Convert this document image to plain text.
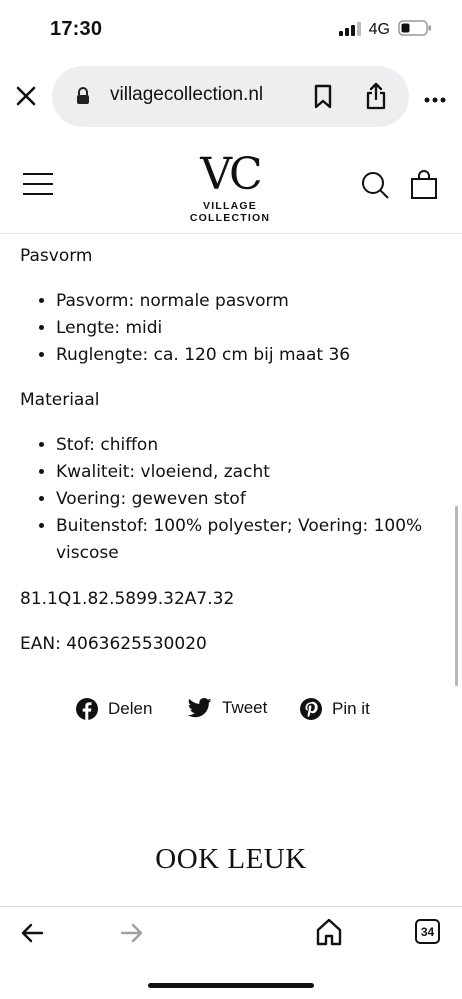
17:30	4G
villagecollection.nl
VC
VILLAGE COLLECTION
Pasvorm
• Pasvorm: normale pasvorm
• Lengte: midi
• Ruglengte: ca. 120 cm bij maat 36
Materiaal
• Stof: chiffon
• Kwaliteit: vloeiend, zacht
• Voering: geweven stof
• Buitenstof: 100% polyester; Voering: 100% viscose
81.1Q1.82.5899.32A7.32
EAN: 4063625530020
Delen	Tweet	Pin it
OOK LEUK
34
